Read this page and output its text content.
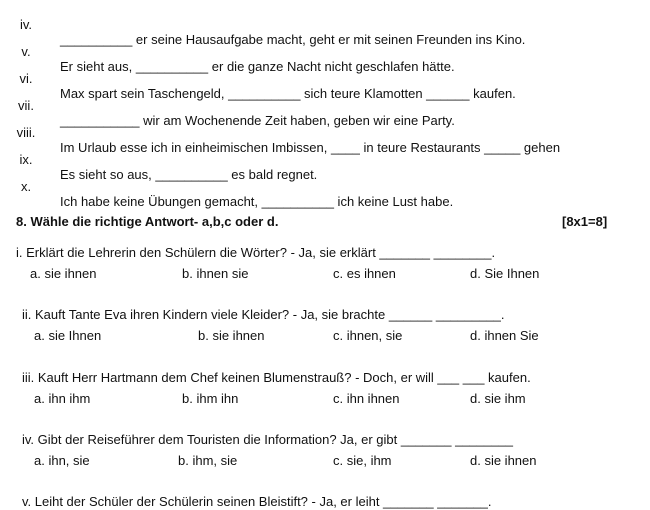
iv.

__________ er seine Hausaufgabe macht, geht er mit seinen Freunden ins Kino.

v.

Er sieht aus, __________ er die ganze Nacht nicht geschlafen hätte.

vi.

Max spart sein Taschengeld, __________ sich teure Klamotten ______ kaufen.

vii.

___________ wir am Wochenende Zeit haben, geben wir eine Party.

viii.

Im Urlaub esse ich in einheimischen Imbissen, ____ in teure Restaurants _____ gehen

ix.

Es sieht so aus, __________ es bald regnet.

x.

Ich habe keine Übungen gemacht, __________ ich keine Lust habe.

8. Wähle die richtige Antwort- a,b,c oder d.	[8x1=8]
i. Erklärt die Lehrerin den Schülern die Wörter? - Ja, sie erklärt _______ ________.
a. sie ihnen	b. ihnen sie	c. es ihnen	d. Sie Ihnen
ii. Kauft Tante Eva ihren Kindern viele Kleider? - Ja, sie brachte ______ _________.
a. sie Ihnen	b. sie ihnen	c. ihnen, sie	d. ihnen Sie
iii. Kauft Herr Hartmann dem Chef keinen Blumenstrauß? - Doch, er will ___ ___ kaufen.
a. ihn ihm	b. ihm ihn	c. ihn ihnen	d. sie ihm
iv. Gibt der Reiseführer dem Touristen die Information? Ja, er gibt _______ ________
a. ihn, sie	b. ihm, sie	c. sie, ihm	d. sie ihnen
v. Leiht der Schüler der Schülerin seinen Bleistift? - Ja, er leiht _______ _______.
